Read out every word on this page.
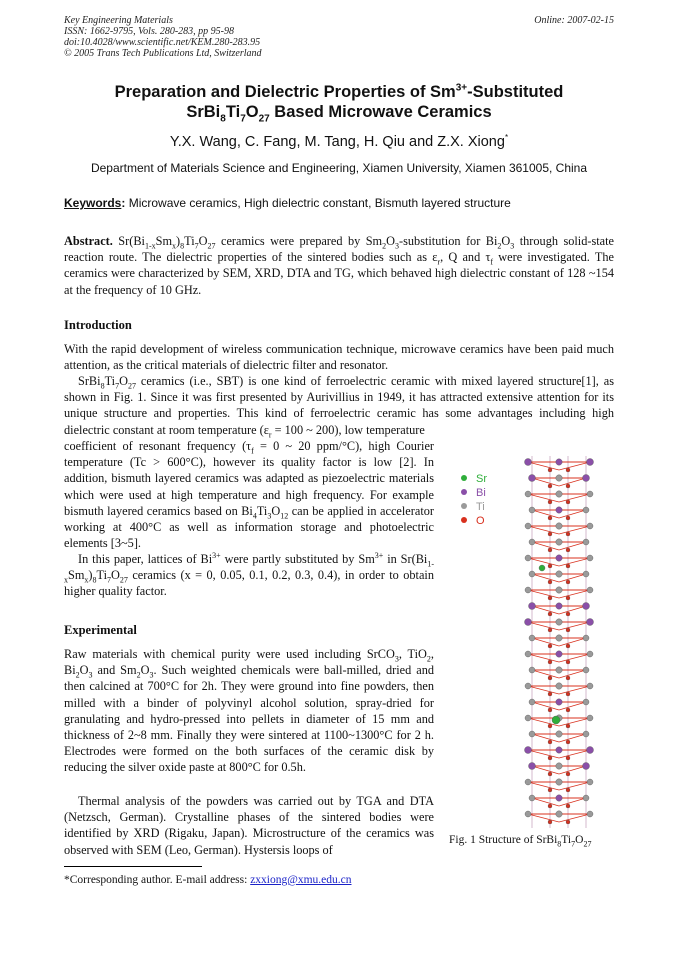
Key Engineering Materials
ISSN: 1662-9795, Vols. 280-283, pp 95-98
doi:10.4028/www.scientific.net/KEM.280-283.95
© 2005 Trans Tech Publications Ltd, Switzerland
Online: 2007-02-15
Preparation and Dielectric Properties of $Sm^{3+}$-Substituted
$SrBi_8Ti_7O_{27}$ Based Microwave Ceramics
Y.X. Wang, C. Fang, M. Tang, H. Qiu and Z.X. Xiong*
Department of Materials Science and Engineering, Xiamen University, Xiamen 361005, China
Keywords: Microwave ceramics, High dielectric constant, Bismuth layered structure

Abstract. $Sr(Bi_{1-x}Sm_x)_8Ti_7O_{27}$ ceramics were prepared by $Sm_2O_3$-substitution for $Bi_2O_3$ through solid-state reaction route. The dielectric properties of the sintered bodies such as $\varepsilon_r$, Q and $\tau_f$ were investigated. The ceramics were characterized by SEM, XRD, DTA and TG, which behaved high dielectric constant of 128 ~154 at the frequency of 10 GHz.

Introduction

With the rapid development of wireless communication technique, microwave ceramics have been paid much attention, as the critical materials of dielectric filter and resonator.

$SrBi_8Ti_7O_{27}$ ceramics (i.e., SBT) is one kind of ferroelectric ceramic with mixed layered structure[1], as shown in Fig. 1. Since it was first presented by Aurivillius in 1949, it has attracted extensive attention for its unique structure and properties. This kind of ferroelectric ceramic has some advantages including high dielectric constant at room temperature ($\varepsilon_r = 100$ ~ 200), low temperature

coefficient of resonant frequency ($\tau_f = 0$ ~ 20 ppm/°C), high Courier temperature (Tc > 600°C), however its quality factor is low [2]. In addition, bismuth layered ceramics was adapted as piezoelectric materials which were used at high temperature and high frequency. For example bismuth layered ceramics based on $Bi_4Ti_3O_{12}$ can be applied in accelerator working at 400°C as well as information storage and photoelectric elements [3~5].

In this paper, lattices of $Bi^{3+}$ were partly substituted by $Sm^{3+}$ in $Sr(Bi_{1-x}Sm_x)_8Ti_7O_{27}$ ceramics (x = 0, 0.05, 0.1, 0.2, 0.3, 0.4), in order to obtain higher quality factor.

Experimental

Raw materials with chemical purity were used including SrCO$_3$, TiO$_2$, $Bi_2O_3$ and $Sm_2O_3$. Such weighted chemicals were ball-milled, dried and then calcined at 700°C for 2h. They were ground into fine powders, then milled with a binder of polyvinyl alcohol solution, spray-dried for granulating and hydro-pressed into pellets in diameter of 15 mm and thickness of 2~8 mm. Finally they were sintered at 1100~1300°C for 2 h. Electrodes were formed on the both surfaces of the ceramic disk by reducing the silver oxide paste at 800°C for 0.5h.

Thermal analysis of the powders was carried out by TGA and DTA (Netzsch, German). Crystalline phases of the sintered bodies were identified by XRD (Rigaku, Japan). Microstructure of the ceramics was observed with SEM (Leo, German). Hystersis loops of

Sr
Bi
Ti
O
Fig. 1 Structure of $SrBi_8Ti_7O_{27}$
*Corresponding author. E-mail address: zxxiong@xmu.edu.cn
